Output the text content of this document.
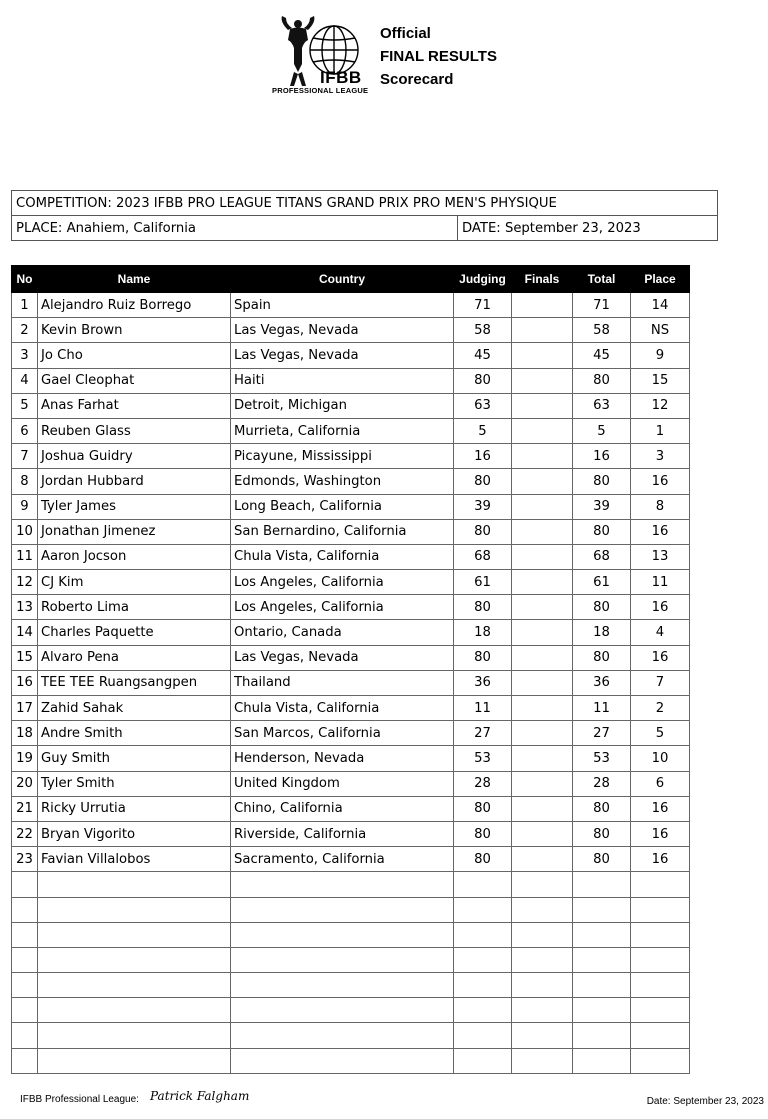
IFBB
PROFESSIONAL LEAGUE
Official
FINAL RESULTS
Scorecard
COMPETITION: 2023 IFBB PRO LEAGUE TITANS GRAND PRIX PRO MEN'S PHYSIQUE
PLACE: Anahiem, California	DATE: September 23, 2023
No	Name	Country	Judging	Finals	Total	Place
1	Alejandro Ruiz Borrego	Spain	71		71	14
2	Kevin Brown	Las Vegas, Nevada	58		58	NS
3	Jo Cho	Las Vegas, Nevada	45		45	9
4	Gael Cleophat	Haiti	80		80	15
5	Anas Farhat	Detroit, Michigan	63		63	12
6	Reuben Glass	Murrieta, California	5		5	1
7	Joshua Guidry	Picayune, Mississippi	16		16	3
8	Jordan Hubbard	Edmonds, Washington	80		80	16
9	Tyler James	Long Beach, California	39		39	8
10	Jonathan Jimenez	San Bernardino, California	80		80	16
11	Aaron Jocson	Chula Vista, California	68		68	13
12	CJ Kim	Los Angeles, California	61		61	11
13	Roberto Lima	Los Angeles, California	80		80	16
14	Charles Paquette	Ontario, Canada	18		18	4
15	Alvaro Pena	Las Vegas, Nevada	80		80	16
16	TEE TEE Ruangsangpen	Thailand	36		36	7
17	Zahid Sahak	Chula Vista, California	11		11	2
18	Andre Smith	San Marcos, California	27		27	5
19	Guy Smith	Henderson, Nevada	53		53	10
20	Tyler Smith	United Kingdom	28		28	6
21	Ricky Urrutia	Chino, California	80		80	16
22	Bryan Vigorito	Riverside, California	80		80	16
23	Favian Villalobos	Sacramento, California	80		80	16

IFBB Professional League: Patrick Falgham	Date: September 23, 2023
